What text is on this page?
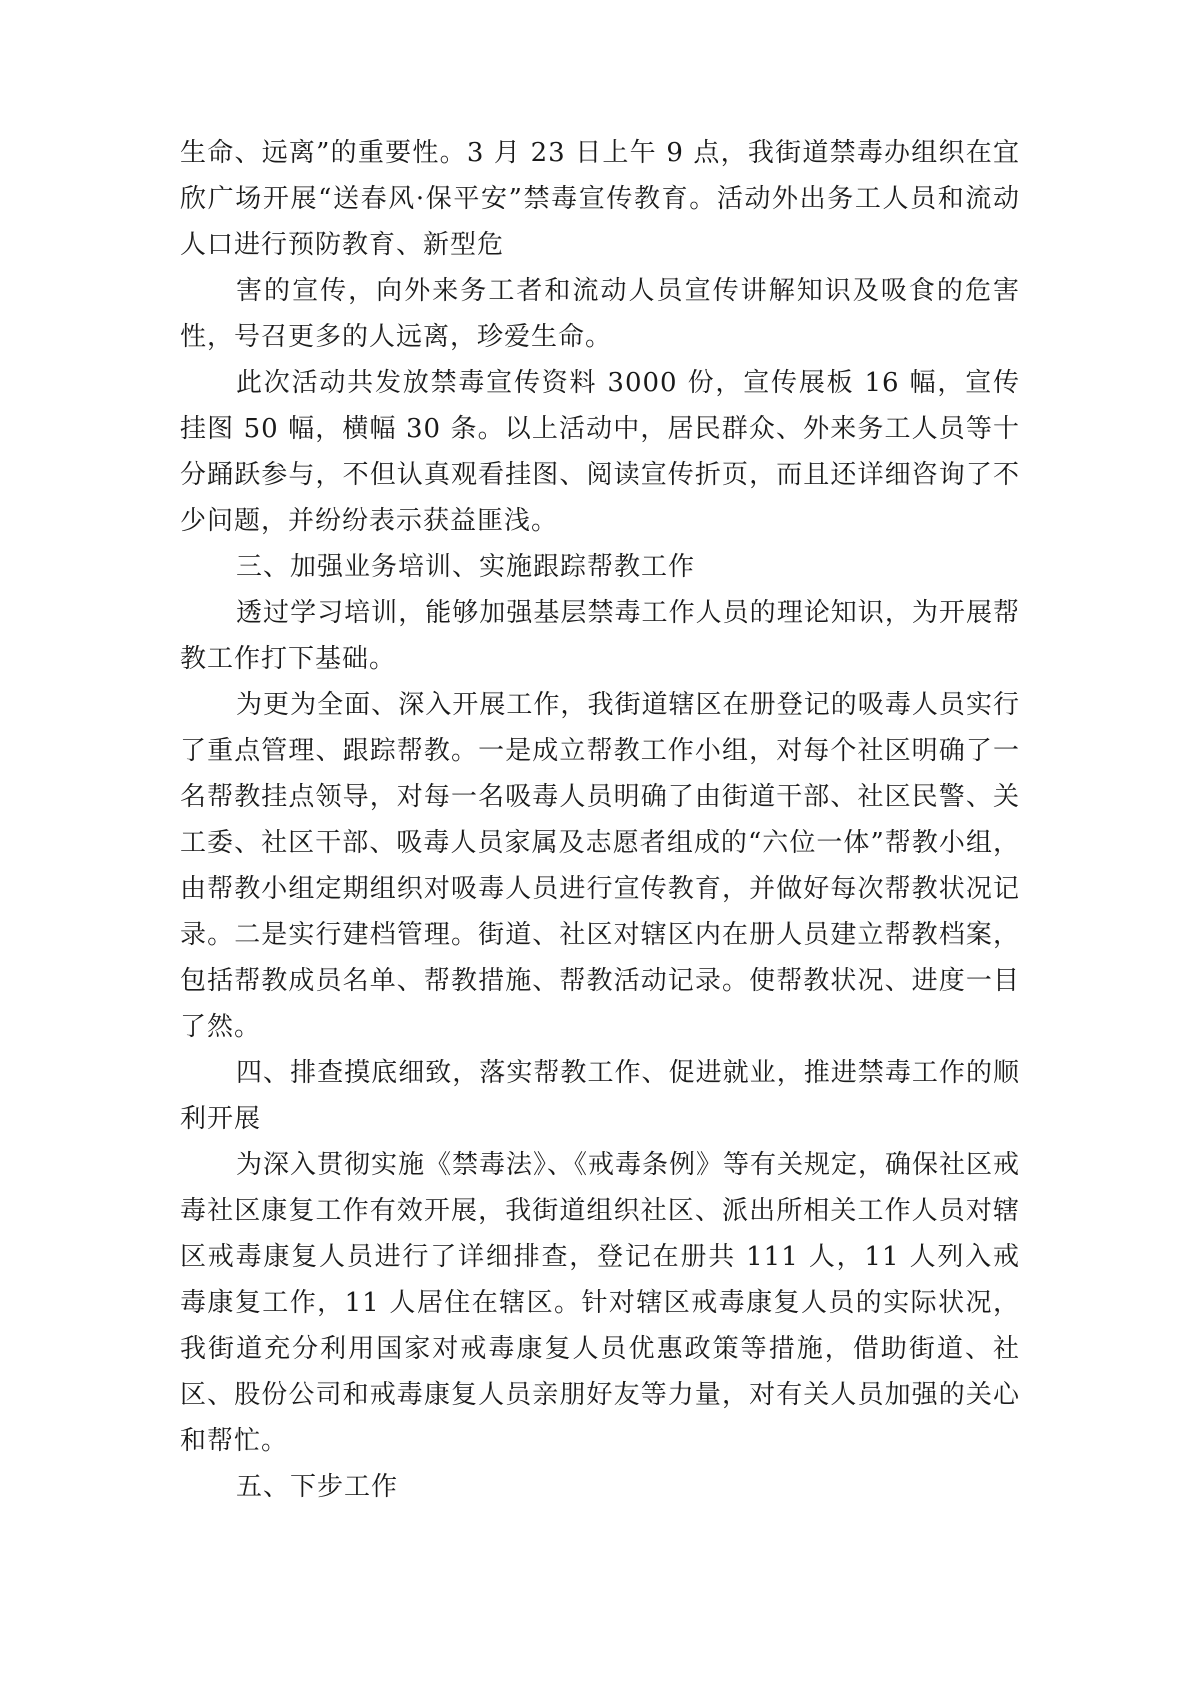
生命、远离”的重要性。3 月 23 日上午 9 点，我街道禁毒办组织在宜欣广场开展“送春风·保平安”禁毒宣传教育。活动外出务工人员和流动人口进行预防教育、新型危

害的宣传，向外来务工者和流动人员宣传讲解知识及吸食的危害性，号召更多的人远离，珍爱生命。

此次活动共发放禁毒宣传资料 3000 份，宣传展板 16 幅，宣传挂图 50 幅，横幅 30 条。以上活动中，居民群众、外来务工人员等十分踊跃参与，不但认真观看挂图、阅读宣传折页，而且还详细咨询了不少问题，并纷纷表示获益匪浅。

三、加强业务培训、实施跟踪帮教工作

透过学习培训，能够加强基层禁毒工作人员的理论知识，为开展帮教工作打下基础。

为更为全面、深入开展工作，我街道辖区在册登记的吸毒人员实行了重点管理、跟踪帮教。一是成立帮教工作小组，对每个社区明确了一名帮教挂点领导，对每一名吸毒人员明确了由街道干部、社区民警、关工委、社区干部、吸毒人员家属及志愿者组成的“六位一体”帮教小组，由帮教小组定期组织对吸毒人员进行宣传教育，并做好每次帮教状况记录。二是实行建档管理。街道、社区对辖区内在册人员建立帮教档案，包括帮教成员名单、帮教措施、帮教活动记录。使帮教状况、进度一目了然。

四、排查摸底细致，落实帮教工作、促进就业，推进禁毒工作的顺利开展

为深入贯彻实施《禁毒法》、《戒毒条例》等有关规定，确保社区戒毒社区康复工作有效开展，我街道组织社区、派出所相关工作人员对辖区戒毒康复人员进行了详细排查，登记在册共 111 人，11 人列入戒毒康复工作，11 人居住在辖区。针对辖区戒毒康复人员的实际状况，我街道充分利用国家对戒毒康复人员优惠政策等措施，借助街道、社区、股份公司和戒毒康复人员亲朋好友等力量，对有关人员加强的关心和帮忙。

五、下步工作
